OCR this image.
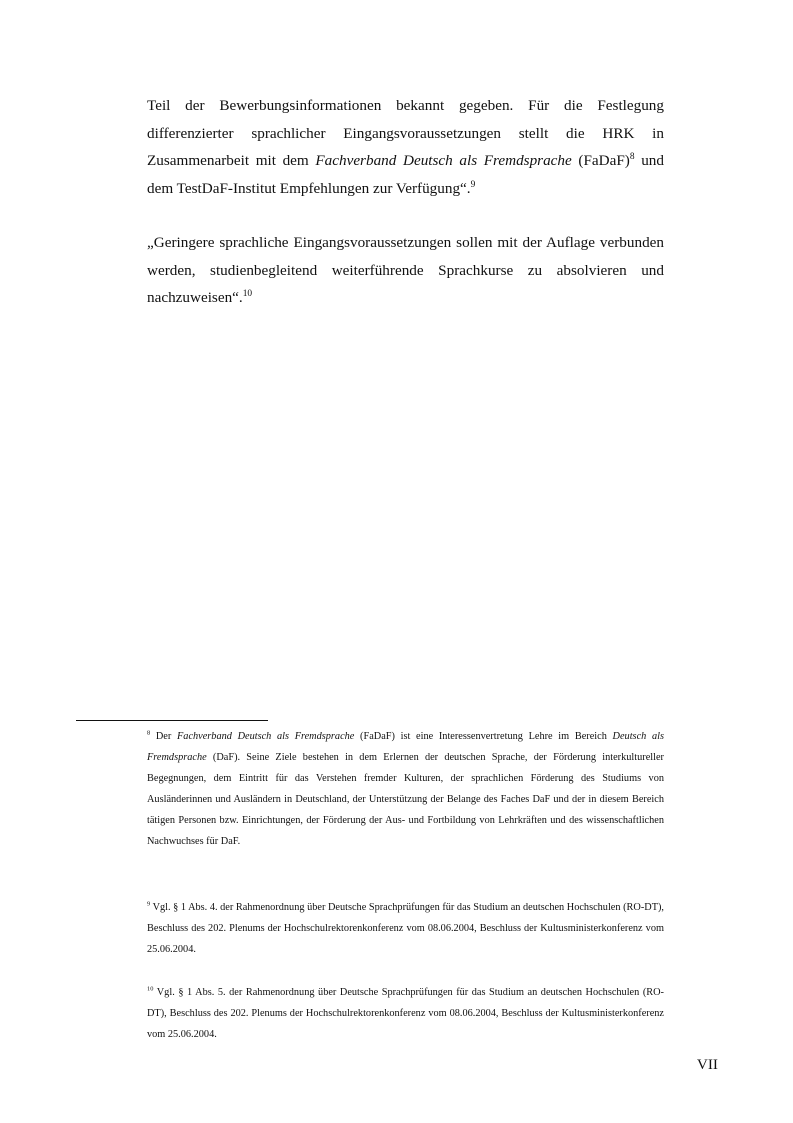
Teil der Bewerbungsinformationen bekannt gegeben. Für die Festlegung differenzierter sprachlicher Eingangsvoraussetzungen stellt die HRK in Zusammenarbeit mit dem Fachverband Deutsch als Fremdsprache (FaDaF)$^8$ und dem TestDaF-Institut Empfehlungen zur Verfügung“.$^9$

„Geringere sprachliche Eingangsvoraussetzungen sollen mit der Auflage verbunden werden, studienbegleitend weiterführende Sprachkurse zu absolvieren und nachzuweisen“.$^{10}$

$^8$ Der Fachverband Deutsch als Fremdsprache (FaDaF) ist eine Interessenvertretung Lehre im Bereich Deutsch als Fremdsprache (DaF). Seine Ziele bestehen in dem Erlernen der deutschen Sprache, der Förderung interkultureller Begegnungen, dem Eintritt für das Verstehen fremder Kulturen, der sprachlichen Förderung des Studiums von Ausländerinnen und Ausländern in Deutschland, der Unterstützung der Belange des Faches DaF und der in diesem Bereich tätigen Personen bzw. Einrichtungen, der Förderung der Aus- und Fortbildung von Lehrkräften und des wissenschaftlichen Nachwuchses für DaF.

$^9$ Vgl. § 1 Abs. 4. der Rahmenordnung über Deutsche Sprachprüfungen für das Studium an deutschen Hochschulen (RO-DT), Beschluss des 202. Plenums der Hochschulrektorenkonferenz vom 08.06.2004, Beschluss der Kultusministerkonferenz vom 25.06.2004.

$^{10}$ Vgl. § 1 Abs. 5. der Rahmenordnung über Deutsche Sprachprüfungen für das Studium an deutschen Hochschulen (RO-DT), Beschluss des 202. Plenums der Hochschulrektorenkonferenz vom 08.06.2004, Beschluss der Kultusministerkonferenz vom 25.06.2004.

VII
